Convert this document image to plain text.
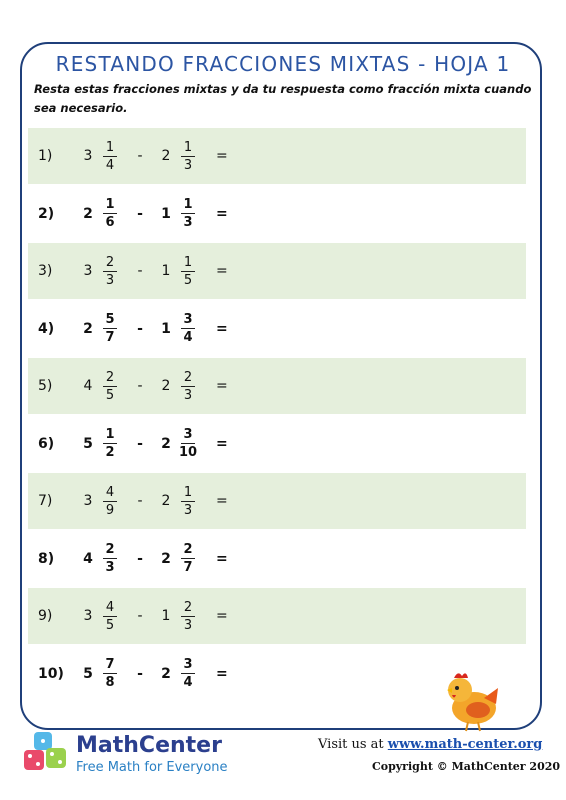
RESTANDO FRACCIONES MIXTAS - HOJA 1
Resta estas fracciones mixtas y da tu respuesta como fracción mixta cuando sea necesario.
1)	$3 \frac{1}{4}$	-	$2 \frac{1}{3}$ =
2)	$2 \frac{1}{6}$	-	$1 \frac{1}{3}$ =
3)	$3 \frac{2}{3}$	-	$1 \frac{1}{5}$ =
4)	$2 \frac{5}{7}$	-	$1 \frac{3}{4}$ =
5)	$4 \frac{2}{5}$	-	$2 \frac{2}{3}$ =
6)	$5 \frac{1}{2}$	-	$2 \frac{3}{10}$ =
7)	$3 \frac{4}{9}$	-	$2 \frac{1}{3}$ =
8)	$4 \frac{2}{3}$	-	$2 \frac{2}{7}$ =
9)	$3 \frac{4}{5}$	-	$1 \frac{2}{3}$ =
10)	$5 \frac{7}{8}$	-	$2 \frac{3}{4}$ =
MathCenter
Free Math for Everyone
Visit us at www.math-center.org
Copyright © MathCenter 2020
